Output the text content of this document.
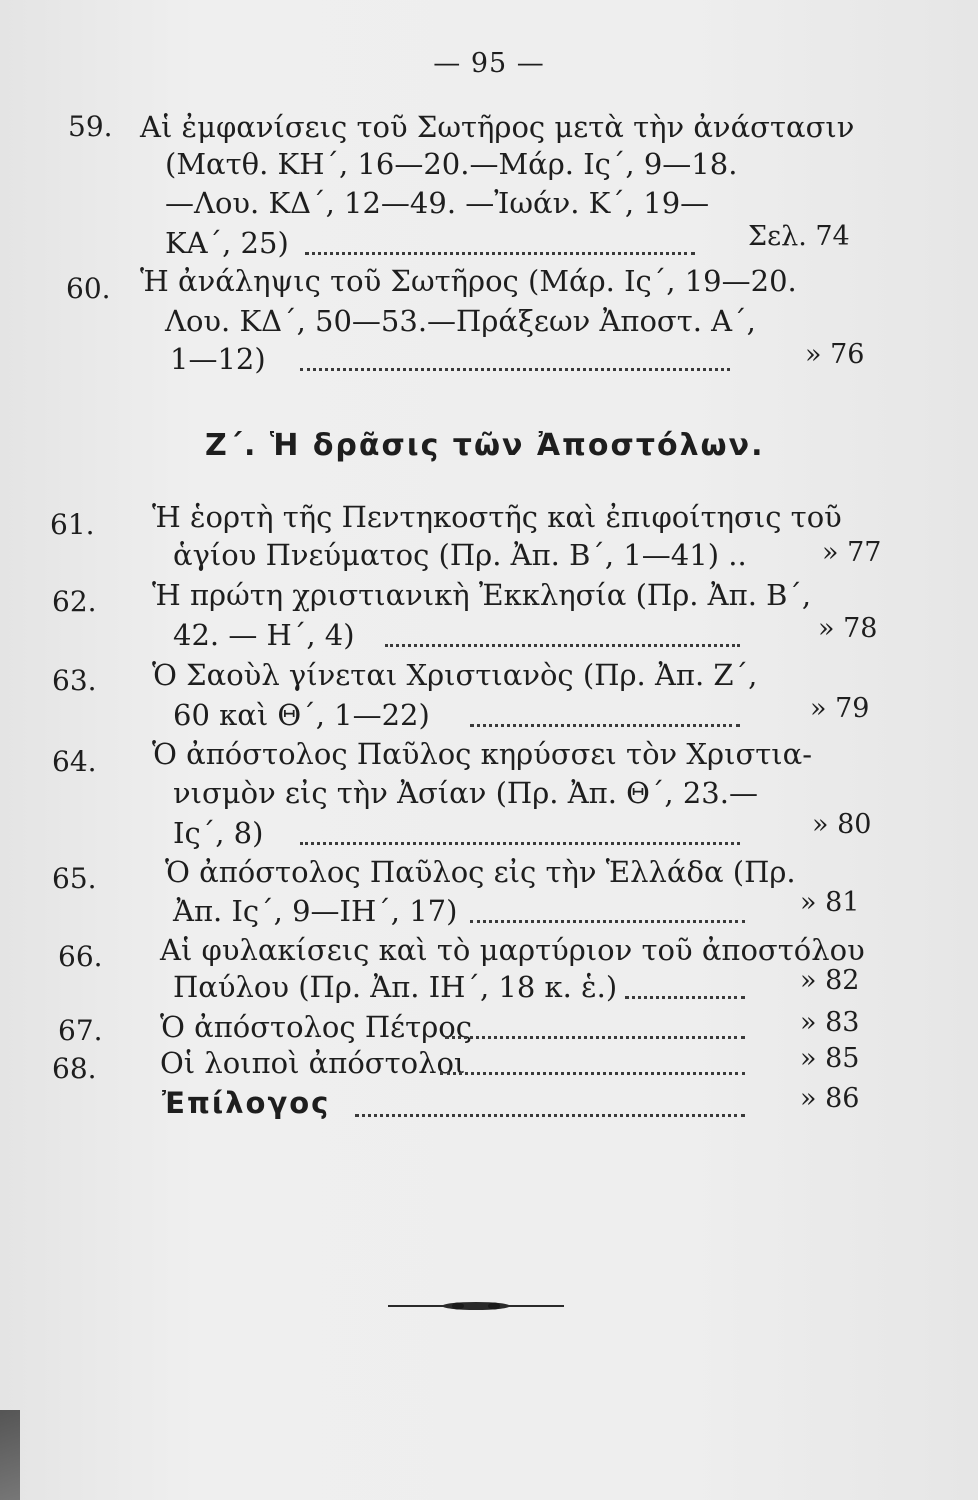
— 95 —
59. Αἱ ἐμφανίσεις τοῦ Σωτῆρος μετὰ τὴν ἀνάστασιν
(Ματθ. ΚΗ΄, 16—20.—Μάρ. Ις΄, 9—18.
—Λου. ΚΔ΄, 12—49. —Ἰωάν. Κ΄, 19—
ΚΑ΄, 25)	Σελ. 74
60. Ἡ ἀνάληψις τοῦ Σωτῆρος (Μάρ. Ις΄, 19—20.
Λου. ΚΔ΄, 50—53.—Πράξεων Ἀποστ. Α΄,
1—12)	» 76
Ζ΄. Ἡ δρᾶσις τῶν Ἀποστόλων.
61. Ἡ ἑορτὴ τῆς Πεντηκοστῆς καὶ ἐπιφοίτησις τοῦ
ἁγίου Πνεύματος (Πρ. Ἀπ. Β΄, 1—41) ..	» 77
62. Ἡ πρώτη χριστιανικὴ Ἐκκλησία (Πρ. Ἀπ. Β΄,
42. — Η΄, 4)	» 78
63. Ὁ Σαοὺλ γίνεται Χριστιανὸς (Πρ. Ἀπ. Ζ΄,
60 καὶ Θ΄, 1—22)	» 79
64. Ὁ ἀπόστολος Παῦλος κηρύσσει τὸν Χριστια-
νισμὸν εἰς τὴν Ἀσίαν (Πρ. Ἀπ. Θ΄, 23.—
Ις΄, 8)	» 80
65. Ὁ ἀπόστολος Παῦλος εἰς τὴν Ἑλλάδα (Πρ.
Ἀπ. Ις΄, 9—ΙΗ΄, 17)	» 81
66. Αἱ φυλακίσεις καὶ τὸ μαρτύριον τοῦ ἀποστόλου
Παύλου (Πρ. Ἀπ. ΙΗ΄, 18 κ. ἑ.)	» 82
67. Ὁ ἀπόστολος Πέτρος	» 83
68. Οἱ λοιποὶ ἀπόστολοι	» 85
Ἐπίλογος	» 86
